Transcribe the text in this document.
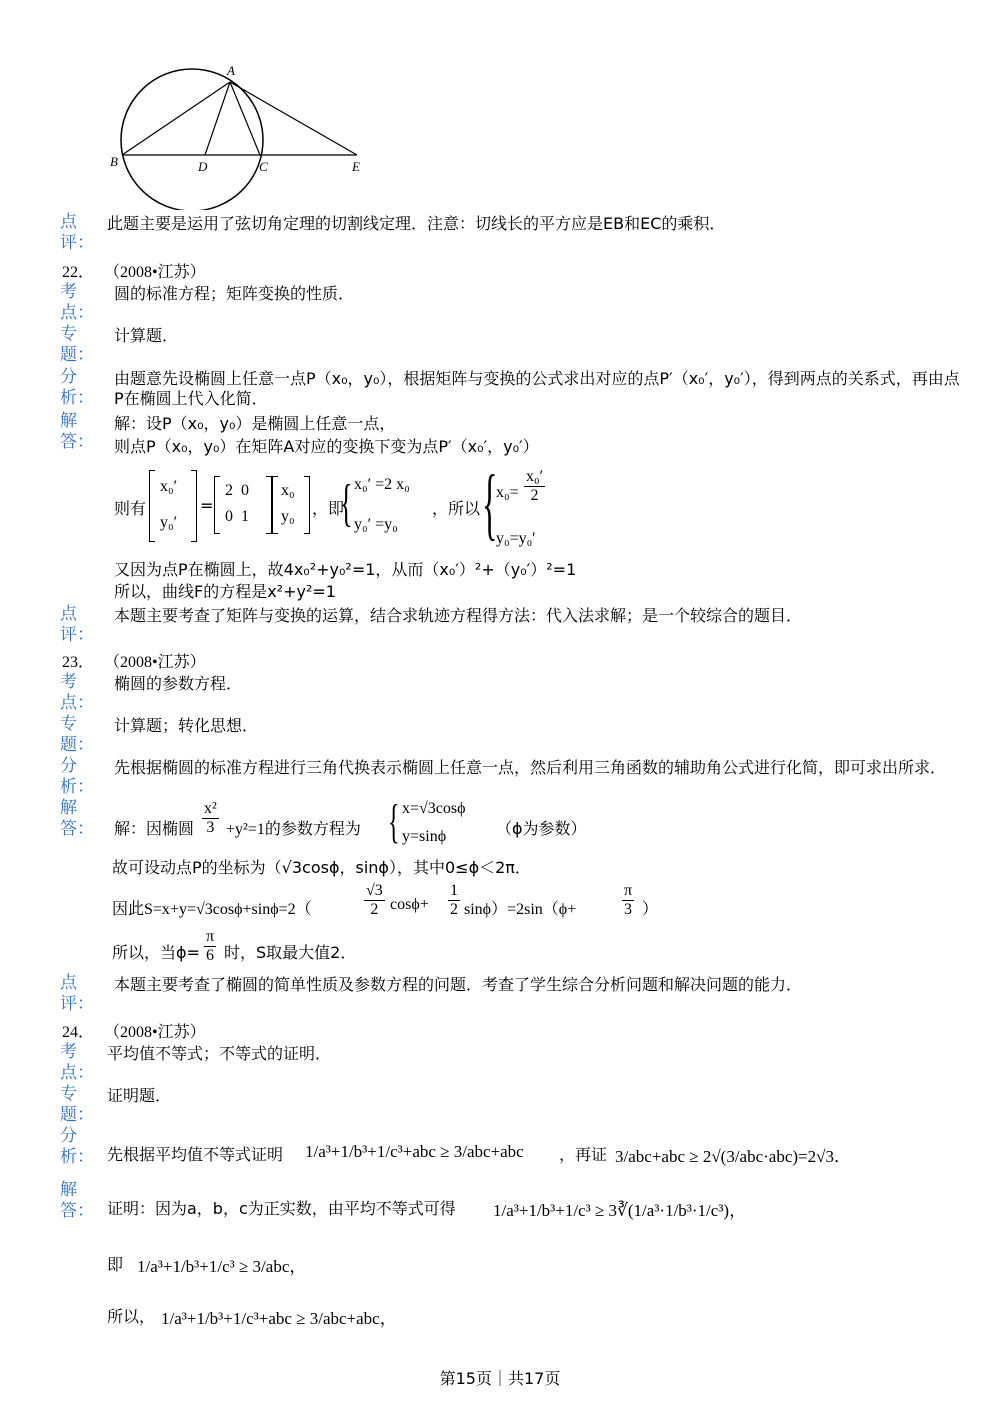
A
B	D	C	E
点评：
此题主要是运用了弦切角定理的切割线定理．注意：切线长的平方应是EB和EC的乘积．
22． （2008•江苏）
考点：
圆的标准方程；矩阵变换的性质．
专题：
计算题．
分析：
由题意先设椭圆上任意一点P（x₀，y₀），根据矩阵与变换的公式求出对应的点P′（x₀′，y₀′），得到两点的关系式，再由点P在椭圆上代入化简．
解答：
解：设P（x₀，y₀）是椭圆上任意一点，
则点P（x₀，y₀）在矩阵A对应的变换下变为点P′（x₀′，y₀′）
则有
x₀′
y₀′
=
2  0
0  1
x₀
y₀ ，即
{ x₀′ =2 x₀
y₀′ =y₀
，所以 {
$x_0= \frac{\text{x₀′}}{2}$
y₀=y₀′
又因为点P在椭圆上，故4x₀²+y₀²=1，从而（x₀′）²+（y₀′）²=1
所以，曲线F的方程是x²+y²=1
点评：
本题主要考查了矩阵与变换的运算，结合求轨迹方程得方法：代入法求解；是一个较综合的题目．
23． （2008•江苏）
考点：
椭圆的参数方程．
专题：
计算题；转化思想．
分析：
先根据椭圆的标准方程进行三角代换表示椭圆上任意一点，然后利用三角函数的辅助角公式进行化简，即可求出所求．
解答： 解：因椭圆 $\frac{\text{x²}}{3} +y^2=1$的参数方程为 { x=√3cosϕ
y=sinϕ	（ϕ为参数）
故可设动点P的坐标为（√3cosϕ，sinϕ），其中0≤ϕ＜2π．
因此S=x+y=√3cosϕ+sinϕ=2（	$\frac{√3}{2} \cos\phi+ \frac{1}{2} \sin\phi)=2\sin(\phi+$	$\frac{\pi}{3}$ ）
所以，当$\phi= \frac{\pi}{6}$ 时，S取最大值2．
点评：
本题主要考查了椭圆的简单性质及参数方程的问题．考查了学生综合分析问题和解决问题的能力．
24． （2008•江苏）
考点：
平均值不等式；不等式的证明．
专题：
证明题．
分析： 先根据平均值不等式证明 1/a³+1/b³+1/c³+abc ≥ 3/abc+abc ，再证 3/abc+abc ≥ 2√(3/abc·abc)=2√3．
解答： 证明：因为a，b，c为正实数，由平均不等式可得 1/a³+1/b³+1/c³ ≥ 3∛(1/a³·1/b³·1/c³)，
即 1/a³+1/b³+1/c³ ≥ 3/abc，
所以， 1/a³+1/b³+1/c³+abc ≥ 3/abc+abc，
第15页｜共17页
